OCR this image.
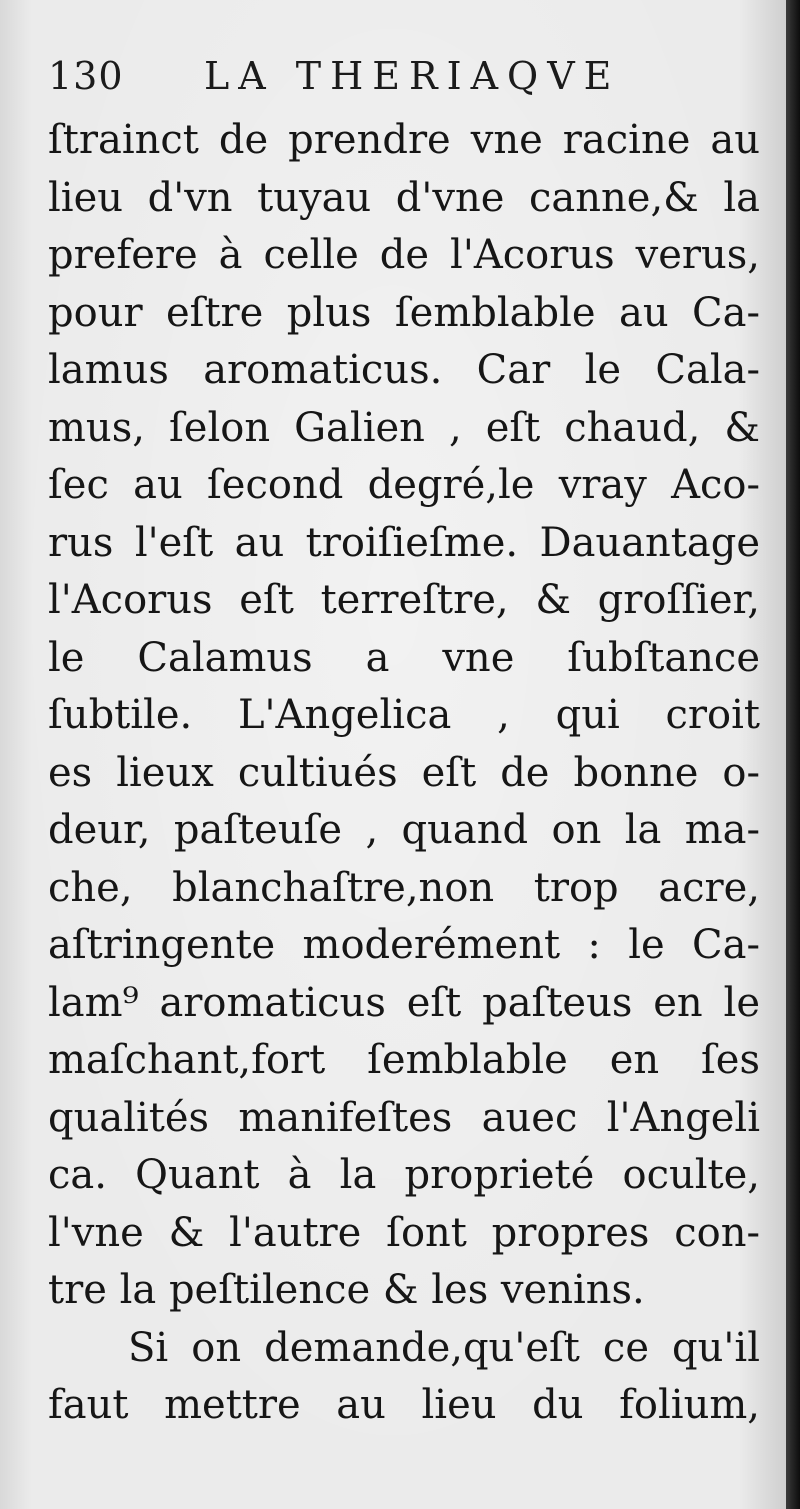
130 LA THERIAQVE
ſtrainct de prendre vne racine au
lieu d'vn tuyau d'vne canne,& la
prefere à celle de l'Acorus verus,
pour eſtre plus ſemblable au Ca-
lamus aromaticus. Car le Cala-
mus, ſelon Galien , eſt chaud, &
ſec au ſecond degré,le vray Aco-
rus l'eſt au troiſieſme. Dauantage
l'Acorus eſt terreſtre, & groſſier,
le Calamus a vne ſubſtance
ſubtile. L'Angelica , qui croit
es lieux cultiués eſt de bonne o-
deur, paſteuſe , quand on la ma-
che, blanchaſtre,non trop acre,
aſtringente moderément : le Ca-
lam⁹ aromaticus eſt paſteus en le
maſchant,fort ſemblable en ſes
qualités manifeſtes auec l'Angeli
ca. Quant à la proprieté oculte,
l'vne & l'autre ſont propres con-
tre la peſtilence & les venins.
Si on demande,qu'eſt ce qu'il
faut mettre au lieu du folium,
